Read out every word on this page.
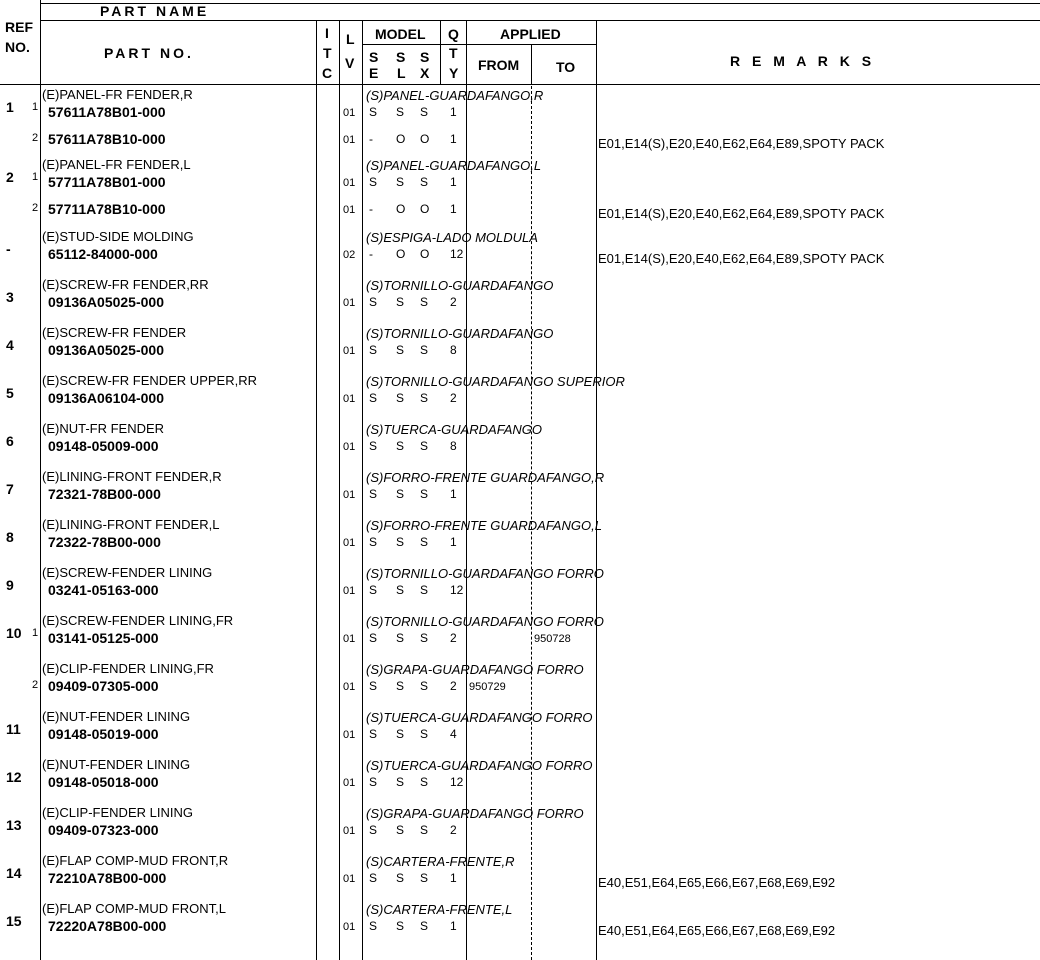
REF
NO.
PART NAME
PART NO.
I
T
C
L
V
MODEL
S
E
S
L
S
X
Q
T
Y
APPLIED
FROM	TO	R E M A R K S
1 1
(E)PANEL-FR FENDER,R
57611A78B01-000
(S)PANEL-GUARDAFANGO,R
01 S S S 1
2 57611A78B10-000	01 - O O 1	E01,E14(S),E20,E40,E62,E64,E89,SPOTY PACK
2 1
(E)PANEL-FR FENDER,L
57711A78B01-000
(S)PANEL-GUARDAFANGO,L
01 S S S 1
2 57711A78B10-000	01 - O O 1	E01,E14(S),E20,E40,E62,E64,E89,SPOTY PACK
-
(E)STUD-SIDE MOLDING
65112-84000-000
(S)ESPIGA-LADO MOLDULA
02 - O O 12	E01,E14(S),E20,E40,E62,E64,E89,SPOTY PACK
3
(E)SCREW-FR FENDER,RR
09136A05025-000
(S)TORNILLO-GUARDAFANGO
01 S S S 2
4
(E)SCREW-FR FENDER
09136A05025-000
(S)TORNILLO-GUARDAFANGO
01 S S S 8
5
(E)SCREW-FR FENDER UPPER,RR
09136A06104-000
(S)TORNILLO-GUARDAFANGO SUPERIOR
01 S S S 2
6
(E)NUT-FR FENDER
09148-05009-000
(S)TUERCA-GUARDAFANGO
01 S S S 8
7
(E)LINING-FRONT FENDER,R
72321-78B00-000
(S)FORRO-FRENTE GUARDAFANGO,R
01 S S S 1
8
(E)LINING-FRONT FENDER,L
72322-78B00-000
(S)FORRO-FRENTE GUARDAFANGO,L
01 S S S 1
9
(E)SCREW-FENDER LINING
03241-05163-000
(S)TORNILLO-GUARDAFANGO FORRO
01 S S S 12
10 1
(E)SCREW-FENDER LINING,FR
03141-05125-000
(S)TORNILLO-GUARDAFANGO FORRO
01 S S S 2	950728
2
(E)CLIP-FENDER LINING,FR
09409-07305-000
(S)GRAPA-GUARDAFANGO FORRO
01 S S S 2 950729
11
(E)NUT-FENDER LINING
09148-05019-000
(S)TUERCA-GUARDAFANGO FORRO
01 S S S 4
12
(E)NUT-FENDER LINING
09148-05018-000
(S)TUERCA-GUARDAFANGO FORRO
01 S S S 12
13
(E)CLIP-FENDER LINING
09409-07323-000
(S)GRAPA-GUARDAFANGO FORRO
01 S S S 2
14
(E)FLAP COMP-MUD FRONT,R
72210A78B00-000
(S)CARTERA-FRENTE,R
01 S S S 1	E40,E51,E64,E65,E66,E67,E68,E69,E92
15
(E)FLAP COMP-MUD FRONT,L
72220A78B00-000
(S)CARTERA-FRENTE,L
01 S S S 1	E40,E51,E64,E65,E66,E67,E68,E69,E92
